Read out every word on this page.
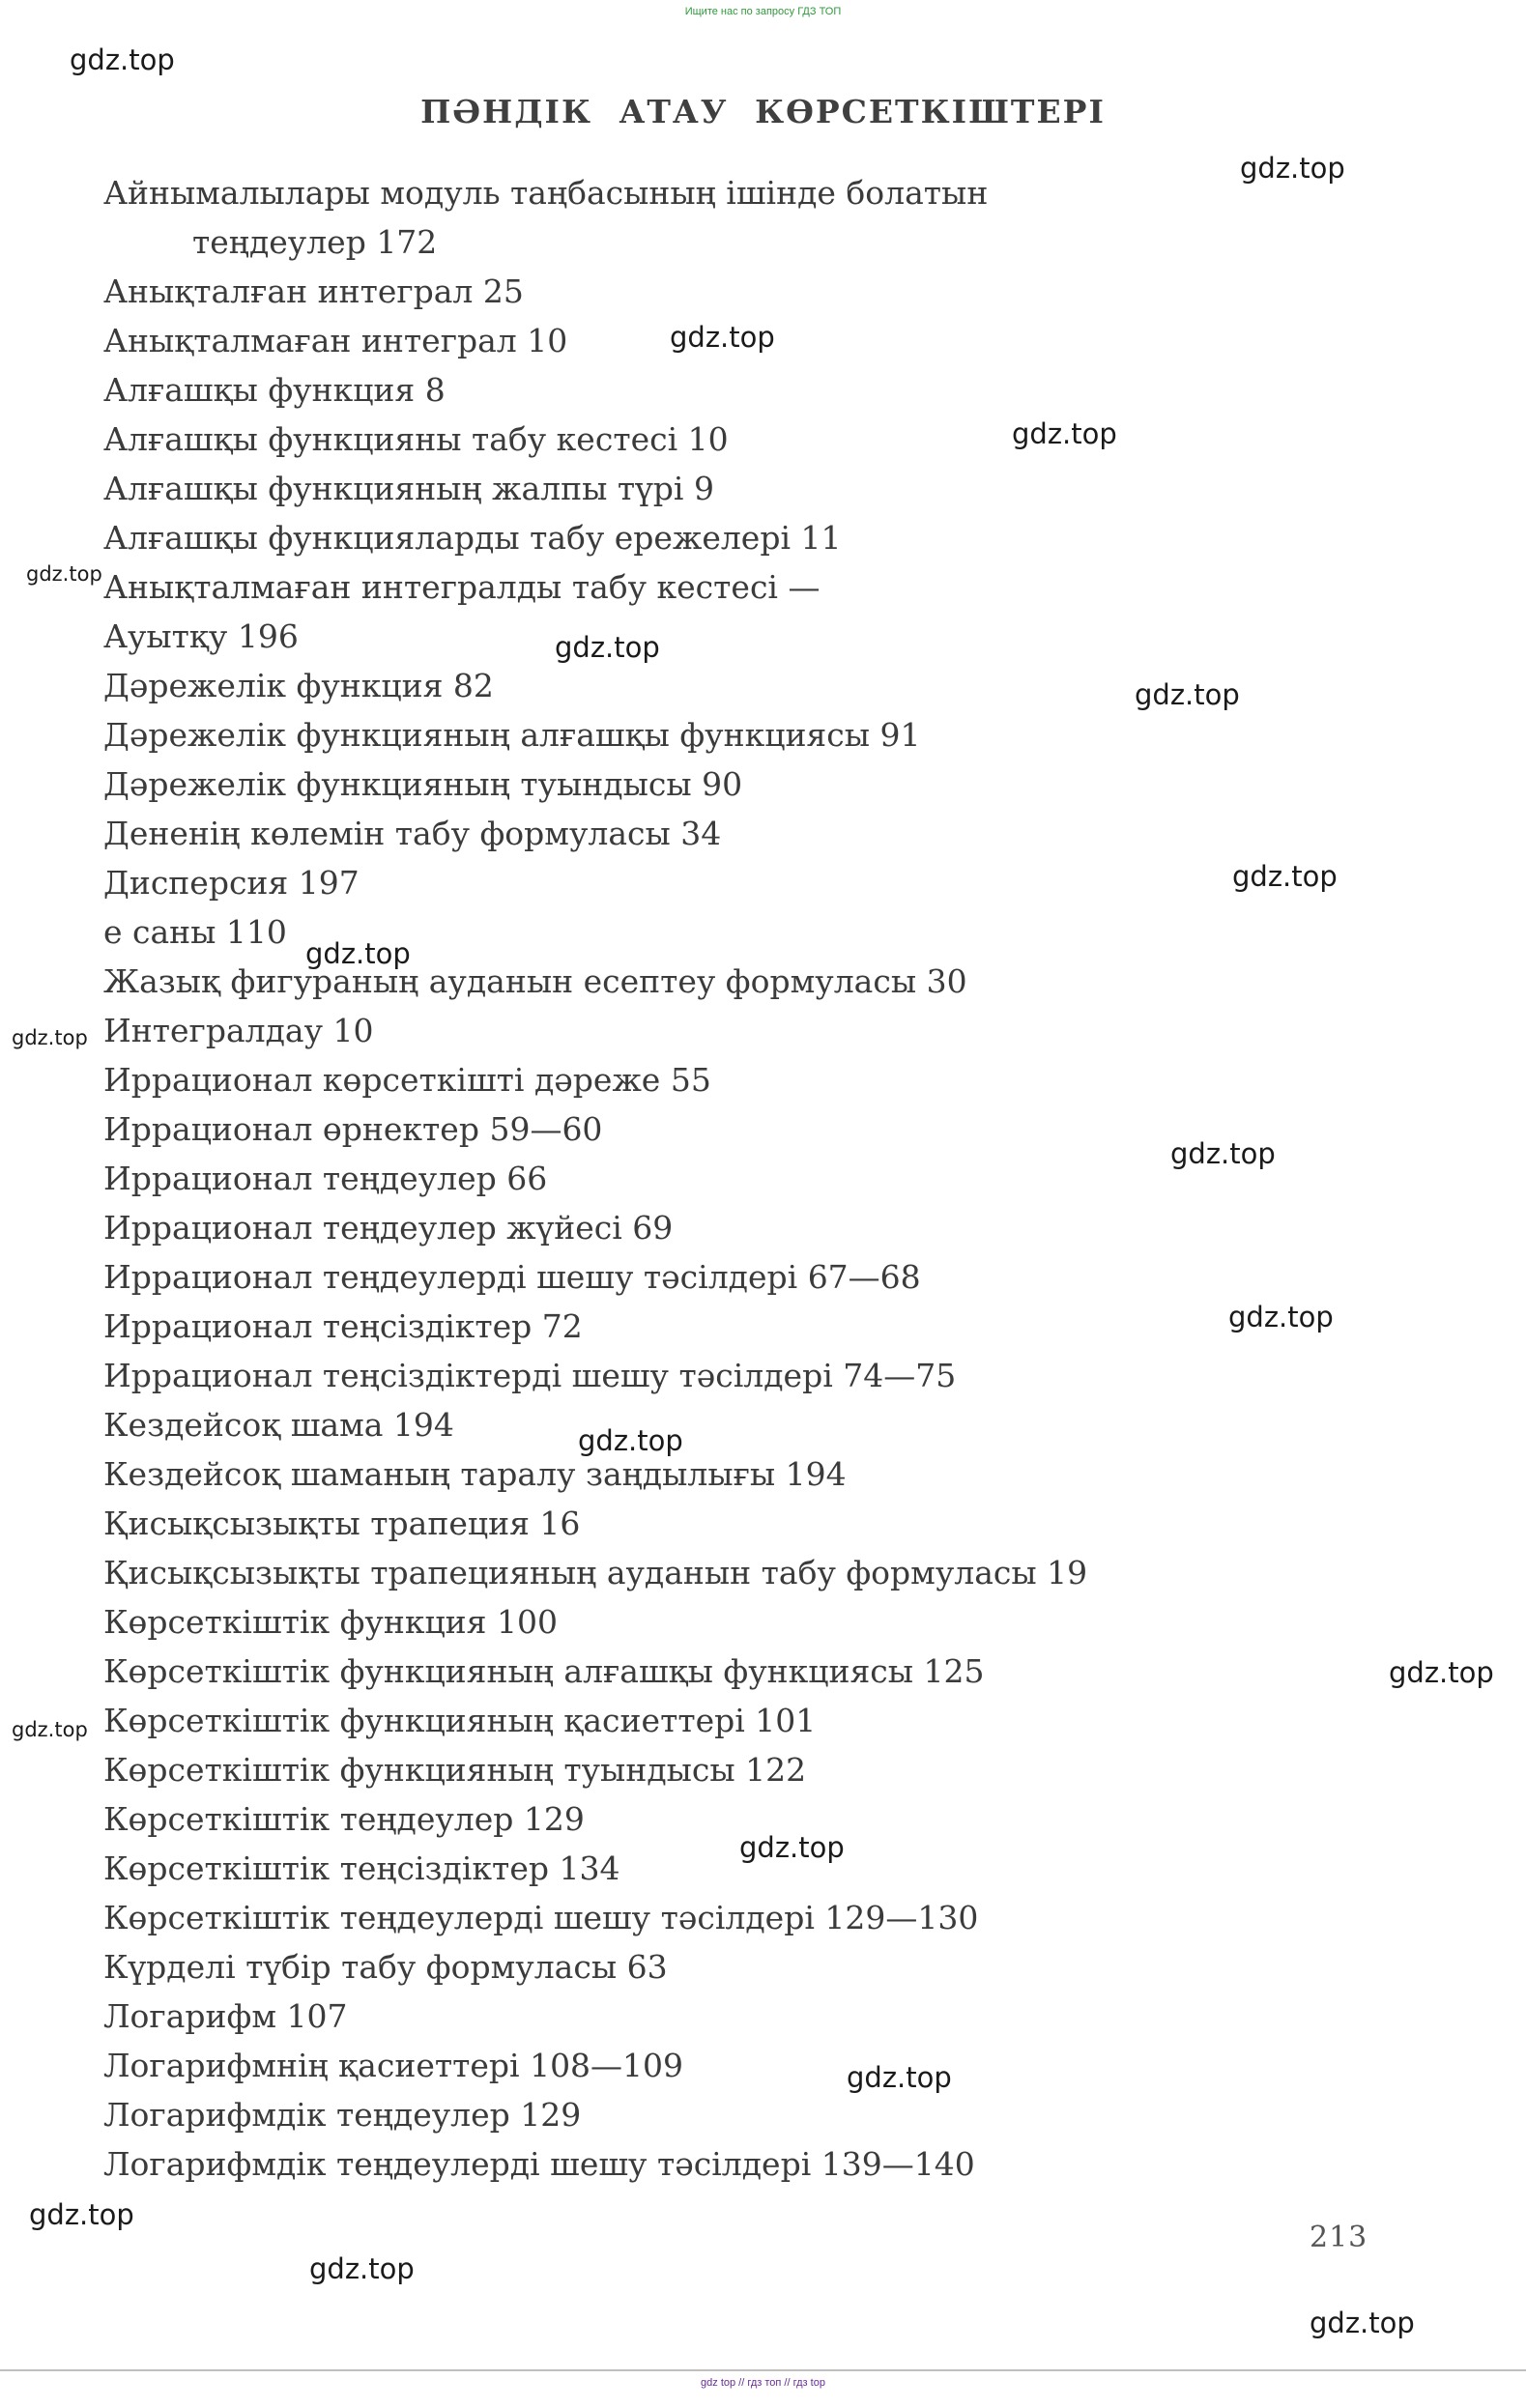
Ищите нас по запросу ГДЗ ТОП
ПӘНДІК АТАУ КӨРСЕТКІШТЕРІ
Айнымалылары модуль таңбасының ішінде болатын
теңдеулер 172
Анықталған интеграл 25
Анықталмаған интеграл 10
Алғашқы функция 8
Алғашқы функцияны табу кестесі 10
Алғашқы функцияның жалпы түрі 9
Алғашқы функцияларды табу ережелері 11
Анықталмаған интегралды табу кестесі —
Ауытқу 196
Дәрежелік функция 82
Дәрежелік функцияның алғашқы функциясы 91
Дәрежелік функцияның туындысы 90
Дененің көлемін табу формуласы 34
Дисперсия 197
е саны 110
Жазық фигураның ауданын есептеу формуласы 30
Интегралдау 10
Иррационал көрсеткішті дәреже 55
Иррационал өрнектер 59—60
Иррационал теңдеулер 66
Иррационал теңдеулер жүйесі 69
Иррационал теңдеулерді шешу тәсілдері 67—68
Иррационал теңсіздіктер 72
Иррационал теңсіздіктерді шешу тәсілдері 74—75
Кездейсоқ шама 194
Кездейсоқ шаманың таралу заңдылығы 194
Қисықсызықты трапеция 16
Қисықсызықты трапецияның ауданын табу формуласы 19
Көрсеткіштік функция 100
Көрсеткіштік функцияның алғашқы функциясы 125
Көрсеткіштік функцияның қасиеттері 101
Көрсеткіштік функцияның туындысы 122
Көрсеткіштік теңдеулер 129
Көрсеткіштік теңсіздіктер 134
Көрсеткіштік теңдеулерді шешу тәсілдері 129—130
Күрделі түбір табу формуласы 63
Логарифм 107
Логарифмнің қасиеттері 108—109
Логарифмдік теңдеулер 129
Логарифмдік теңдеулерді шешу тәсілдері 139—140
213
gdz.top
gdz.top
gdz.top
gdz.top
gdz.top
gdz.top
gdz.top
gdz.top
gdz.top
gdz.top
gdz.top
gdz.top
gdz.top
gdz.top
gdz.top
gdz.top
gdz.top
gdz.top
gdz.top
gdz.top
gdz top // гдз топ // гдз top
